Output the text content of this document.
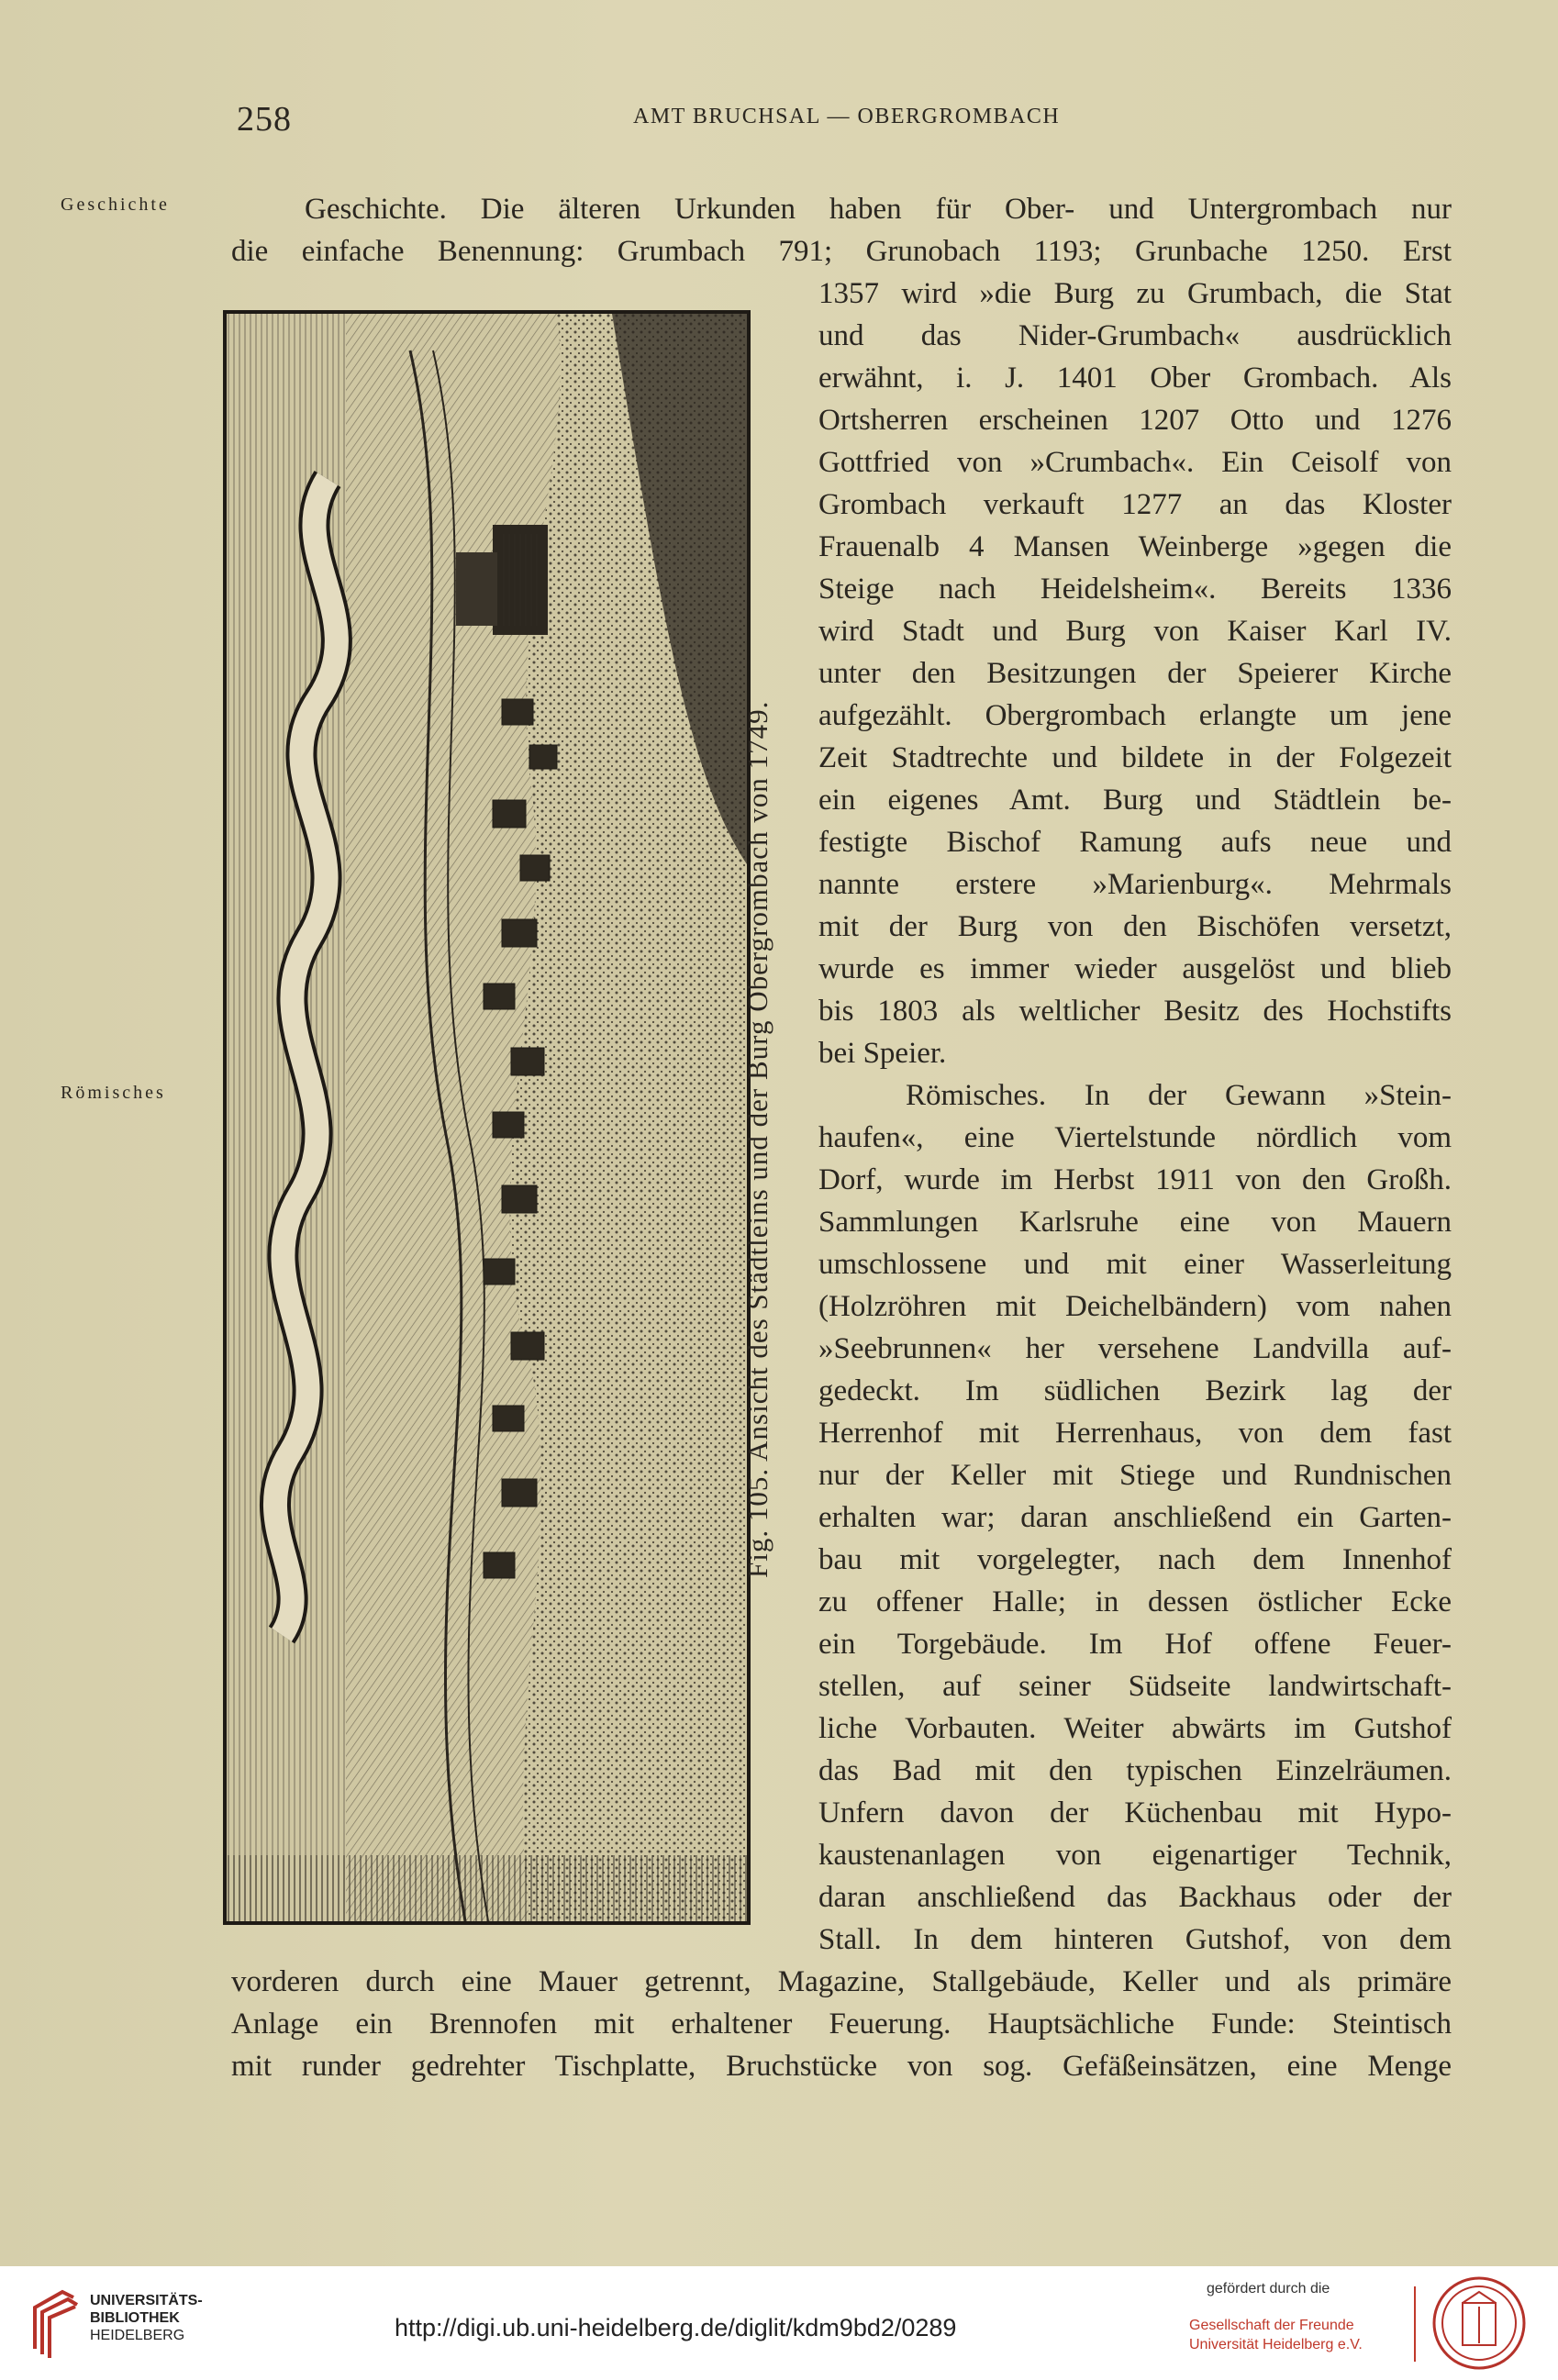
258	AMT BRUCHSAL — OBERGROMBACH
Geschichte
Römisches
Geschichte. Die älteren Urkunden haben für Ober- und Untergrombach nur
die einfache Benennung: Grumbach 791; Grunobach 1193; Grunbache 1250. Erst
1357 wird »die Burg zu Grumbach, die Stat
und das Nider-Grumbach« ausdrücklich
erwähnt, i. J. 1401 Ober Grombach. Als
Ortsherren erscheinen 1207 Otto und 1276
Gottfried von »Crumbach«. Ein Ceisolf von
Grombach verkauft 1277 an das Kloster
Frauenalb 4 Mansen Weinberge »gegen die
Steige nach Heidelsheim«. Bereits 1336
wird Stadt und Burg von Kaiser Karl IV.
unter den Besitzungen der Speierer Kirche
aufgezählt. Obergrombach erlangte um jene
Zeit Stadtrechte und bildete in der Folgezeit
ein eigenes Amt. Burg und Städtlein be-
festigte Bischof Ramung aufs neue und
nannte erstere »Marienburg«. Mehrmals
mit der Burg von den Bischöfen versetzt,
wurde es immer wieder ausgelöst und blieb
bis 1803 als weltlicher Besitz des Hochstifts
bei Speier.
Römisches. In der Gewann »Stein-
haufen«, eine Viertelstunde nördlich vom
Dorf, wurde im Herbst 1911 von den Großh.
Sammlungen Karlsruhe eine von Mauern
umschlossene und mit einer Wasserleitung
(Holzröhren mit Deichelbändern) vom nahen
»Seebrunnen« her versehene Landvilla auf-
gedeckt. Im südlichen Bezirk lag der
Herrenhof mit Herrenhaus, von dem fast
nur der Keller mit Stiege und Rundnischen
erhalten war; daran anschließend ein Garten-
bau mit vorgelegter, nach dem Innenhof
zu offener Halle; in dessen östlicher Ecke
ein Torgebäude. Im Hof offene Feuer-
stellen, auf seiner Südseite landwirtschaft-
liche Vorbauten. Weiter abwärts im Gutshof
das Bad mit den typischen Einzelräumen.
Unfern davon der Küchenbau mit Hypo-
kaustenanlagen von eigenartiger Technik,
daran anschließend das Backhaus oder der
Stall. In dem hinteren Gutshof, von dem
vorderen durch eine Mauer getrennt, Magazine, Stallgebäude, Keller und als primäre
Anlage ein Brennofen mit erhaltener Feuerung. Hauptsächliche Funde: Steintisch
mit runder gedrehter Tischplatte, Bruchstücke von sog. Gefäßeinsätzen, eine Menge
Fig. 105. Ansicht des Städtleins und der Burg Obergrombach von 1749.
UNIVERSITÄTS-
BIBLIOTHEK
HEIDELBERG	http://digi.ub.uni-heidelberg.de/diglit/kdm9bd2/0289
gefördert durch die
Gesellschaft der Freunde
Universität Heidelberg e.V.
